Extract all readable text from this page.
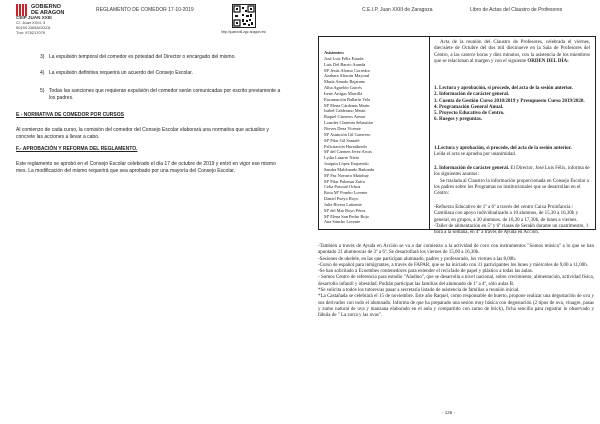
GOBIERNO
DE ARAGON
CEIP JUAN XXIII
C/. Juan XXIII, 3
50194 ZARAGOZA
Tno: 976217079
REGLAMENTO DE COMEDOR 17-10-2019
http://juanxxiii.zgz.aragon.es/
3) La expulsión temporal del comedor es potestad del Director o encargado del mismo.
4) La expulsión definitiva requerirá un acuerdo del Consejo Escolar.
5) Todas las sanciones que requieran expulsión del comedor serán comunicadas por escrito previamente a los padres.
E - NORMATIVA DE COMEDOR POR CURSOS

Al comienzo de cada curso, la comisión del comedor del Consejo Escolar elaborará una normativa que actualice y concrete las acciones a llevar a cabo.

F.- APROBACIÓN Y REFORMA DEL REGLAMENTO.

Este reglamento se aprobó en el Consejo Escolar celebrado el día 17 de octubre de 2019 y entró en vigor ese mismo mes. La modificación del mismo requerirá que sea aprobado por una mayoría del Consejo Escolar.

C.E.I.P. Juan XXIII de Zaragoza	Libro de Actas del Claustro de Profesores
Asistentes:
José Luis Félix Estada
Luis Del Barrio Aranda
Mª Jesús Alonso Corredor
Azahara Aliacón Mayoral
María Amado Bejarano
Alba Aguelón Garcés
Irene Artigas Marrilla
Encarnación Ballarín Vela
Mª Elena Cárdenas Marín
Isabel Calderano Marín
Raquel Cisneros Armar
Lourdes Clarimia Sebastián
Nieves Deza Vicente
Mª Asunción Gil Guerrero
Mª Pilar Gil Santafé
Felicitación Hornáberdo
Mª del Carmen Jerez Arcas
Lydia Lasarre Nieto
Joaquín López Esquerido
Sandra Maldonado Bañonda
Mª Paz Navarro Mainhuy
Mª Pilar Palomar Zafra
Celia Pascual Ochoa
Rosa Mª Pombo Lorente
Daniel Pueyo Royo
Julia Rivera Lafuente
Mª del Mar Royo Pérez
Mª Elena San Pedro Rojo
Ana Sancho Lorente

Acta de la reunión del Claustro de Profesores, celebrada el viernes, diecisiete de Octubre del dos mil diecinueve en la Sala de Profesores del Centro, a las catorce horas y diez minutos, con la asistencia de los miembros que se relacionan al margen y con el siguiente ORDEN DEL DÍA:

1. Lectura y aprobación, si procede, del acta de la sesión anterior.

2. Información de carácter general.

3. Cuenta de Gestión Curso 2018/2019 y Presupuesto Curso 2019/2020.

4. Programación General Anual.

5. Proyecto Educativo de Centro.

6. Ruegos y preguntas.

1.Lectura y aprobación, si procede, del acta de la sesión anterior.

Leída el acta se aprueba por unanimidad.

2. Información de carácter general. El Director, José Luis Félix, informa de los siguientes asuntos:

Se traslada al Claustro la información proporcionada en Consejo Escolar a los padres sobre los Programas no institucionales que se desarrollan en el Centro:

-Refuerzo Educativo de 1º a 6º a través del centro Caixa Proinfancia / Cantiñaza con apoyo individualizado a 10 alumnos, de 15,30 a 16,30h y general, en grupos, a 30 alumnos, de 16,30 a 17,30h, de lunes a viernes.

-Taller de alimentación en 5º y 6º clases de Serakh durante un cuatrimestre, 1 hora a la semana, en 4º a través de Ayuda en Acción.

-También a través de Ayuda en Acción se va a dar comienzo a la actividad de coro con instrumentos "Somos música" a lo que se han apuntado 21 alumnos/as de 3º a 6º. Se desarrollará los viernes de 15,00 a 16,30h.

-Sesiones de ukelele, en las que participan alumnado, padres y profesorado, los viernes a las 8,00h.

-Curso de español para inmigrantes, a través de FAPAR, que se ha iniciado con 31 participantes los lunes y miércoles de 9,00 a 11,00h.

-Se han solicitado a Ecoembes contenedores para extender el reciclado de papel y plástico a todas las aulas.

- Somos Centro de referencia para estudio "Aladino", que se desarrolla a nivel nacional, sobre crecimiento, alimentación, actividad física, desarrollo infantil y obesidad. Podrán participar las familias del alumnado de 1º a 4º, sólo aulas B.

*Se solicita a todos los tutores/as pasar a secretaría listado de asistencia de familias a reunión inicial.

*La Castañada se celebrará el 15 de noviembre. Este año Raquel, como responsable de huerto, propone realizar una degustación de uva y sus derivados con todo el alumnado. Informa de que ha preparado una sesión muy básica con degustación (2 tipos de uva, vinagre, pasas y zumo natural de uva y manzana elaborado en el aula y compartido con zumo de brick), ficha sencilla para registrar lo observado y fábula de " La zorra y las uvas".

- 126 -
